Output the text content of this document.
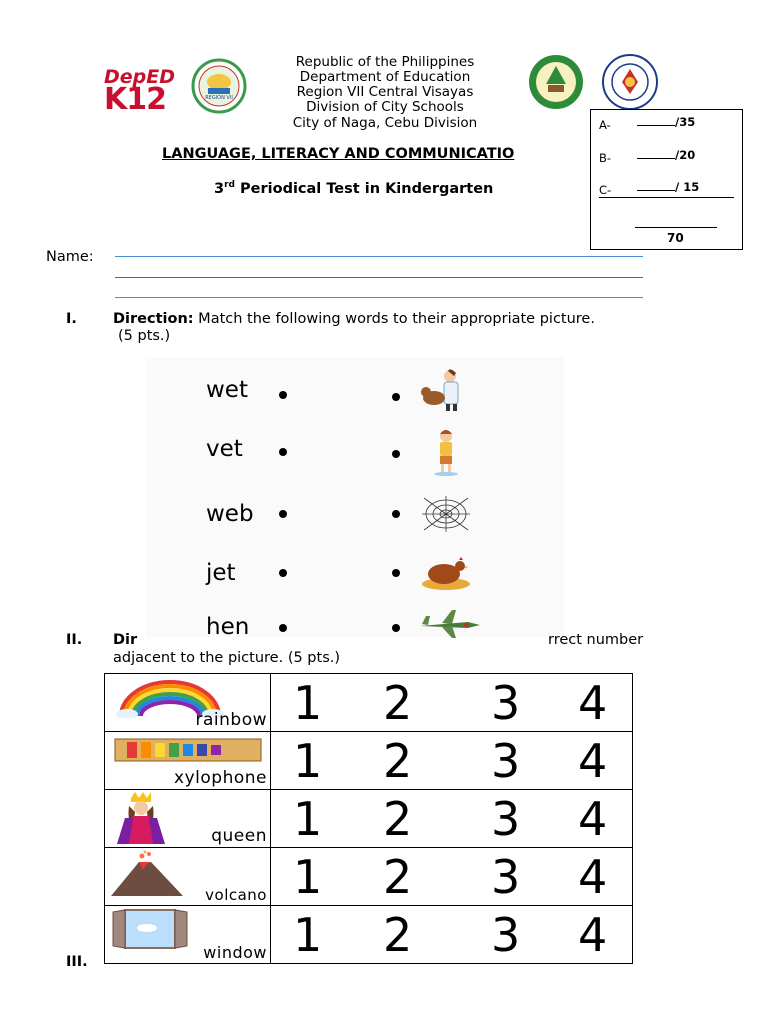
DepED
K12	REGION VII
Republic of the Philippines
Department of Education
Region VII Central Visayas
Division of City Schools
City of Naga, Cebu Division
LANGUAGE, LITERACY AND COMMUNICATIO
3rd Periodical Test in Kindergarten
A-	/35
B-	/20
C-	/ 15
70
Name:
I. Direction: Match the following words to their appropriate picture.
(5 pts.)
wet
vet
web
jet
hen
II. Dir	rrect number
adjacent to the picture. (5 pts.)
rainbow	1 2 3 4

xylophone	1 2 3 4

queen	1 2 3 4

volcano	1 2 3 4

window	1 2 3 4
III.
